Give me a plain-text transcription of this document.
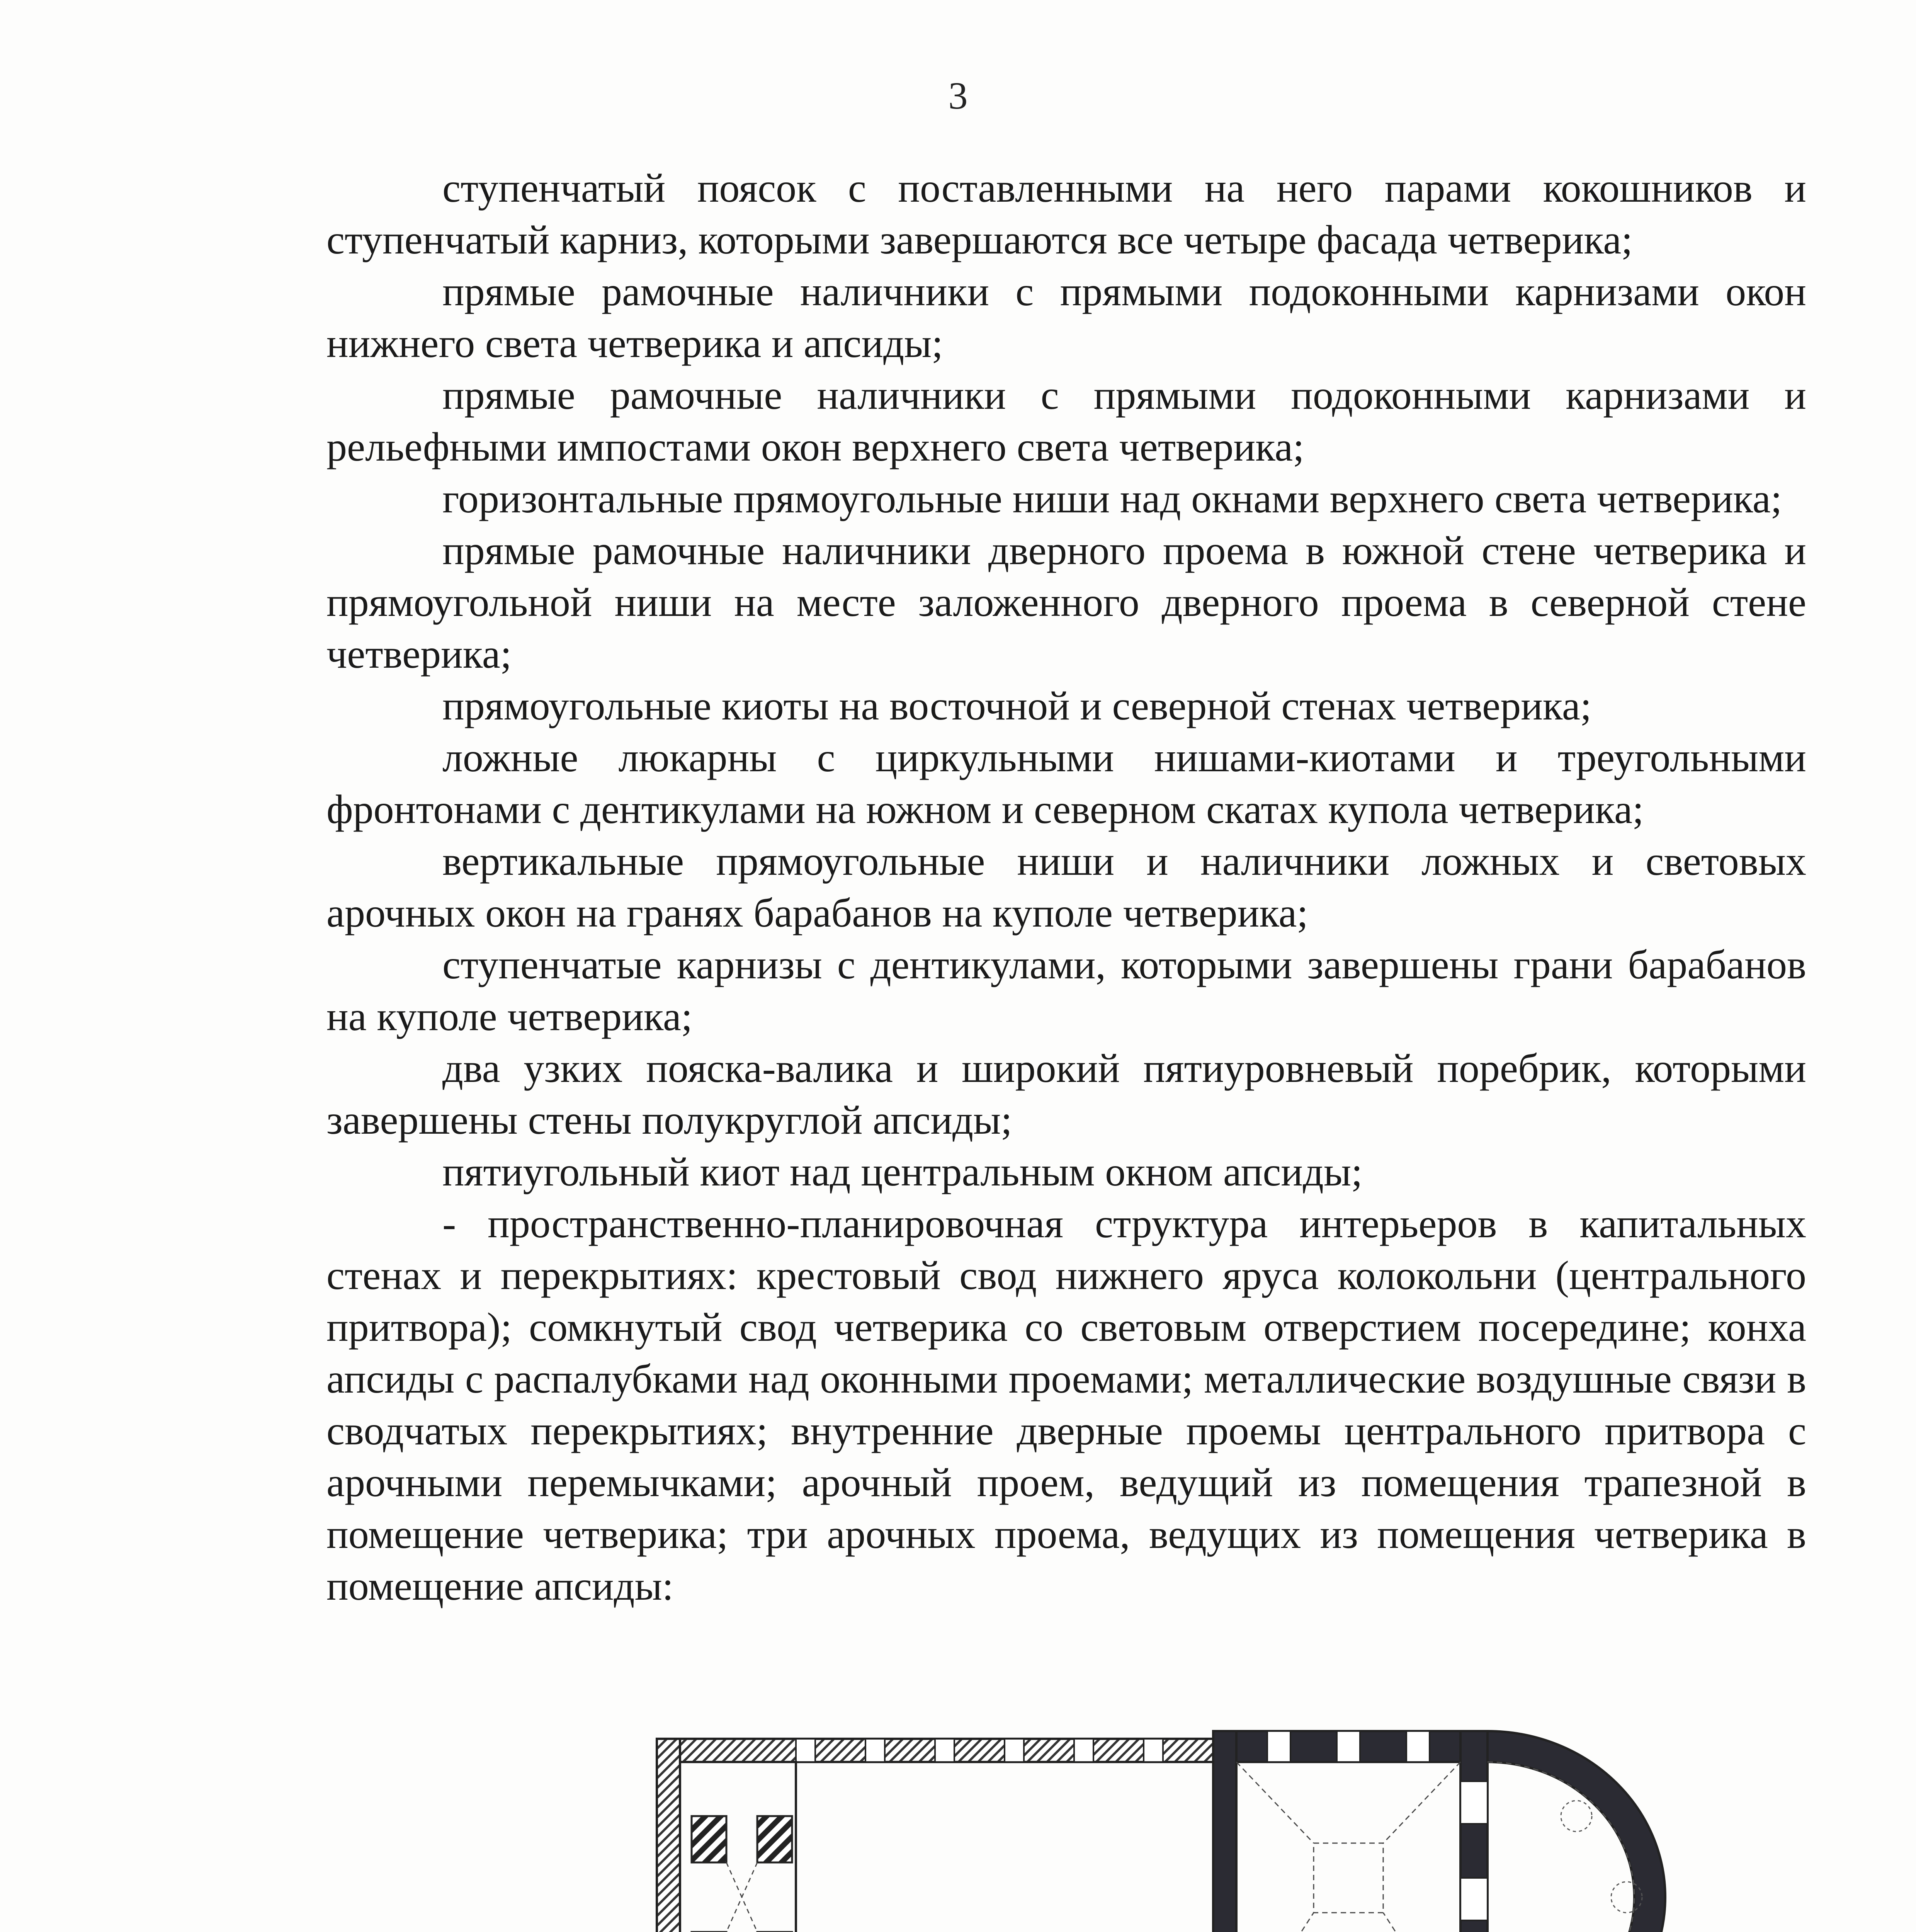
3

ступенчатый поясок с поставленными на него парами кокошников и ступенчатый карниз, которыми завершаются все четыре фасада четверика;

прямые рамочные наличники с прямыми подоконными карнизами окон нижнего света четверика и апсиды;

прямые рамочные наличники с прямыми подоконными карнизами и рельефными импостами окон верхнего света четверика;

горизонтальные прямоугольные ниши над окнами верхнего света четверика;

прямые рамочные наличники дверного проема в южной стене четверика и прямоугольной ниши на месте заложенного дверного проема в северной стене четверика;

прямоугольные киоты на восточной и северной стенах четверика;

ложные люкарны с циркульными нишами-киотами и треугольными фронтонами с дентикулами на южном и северном скатах купола четверика;

вертикальные прямоугольные ниши и наличники ложных и световых арочных окон на гранях барабанов на куполе четверика;

ступенчатые карнизы с дентикулами, которыми завершены грани барабанов на куполе четверика;

два узких пояска-валика и широкий пятиуровневый поребрик, которыми завершены стены полукруглой апсиды;

пятиугольный киот над центральным окном апсиды;

- пространственно-планировочная структура интерьеров в капитальных стенах и перекрытиях: крестовый свод нижнего яруса колокольни (центрального притвора); сомкнутый свод четверика со световым отверстием посередине; конха апсиды с распалубками над оконными проемами; металлические воздушные связи в сводчатых перекрытиях; внутренние дверные проемы центрального притвора с арочными перемычками; арочный проем, ведущий из помещения трапезной в помещение четверика; три арочных проема, ведущих из помещения четверика в помещение апсиды:
